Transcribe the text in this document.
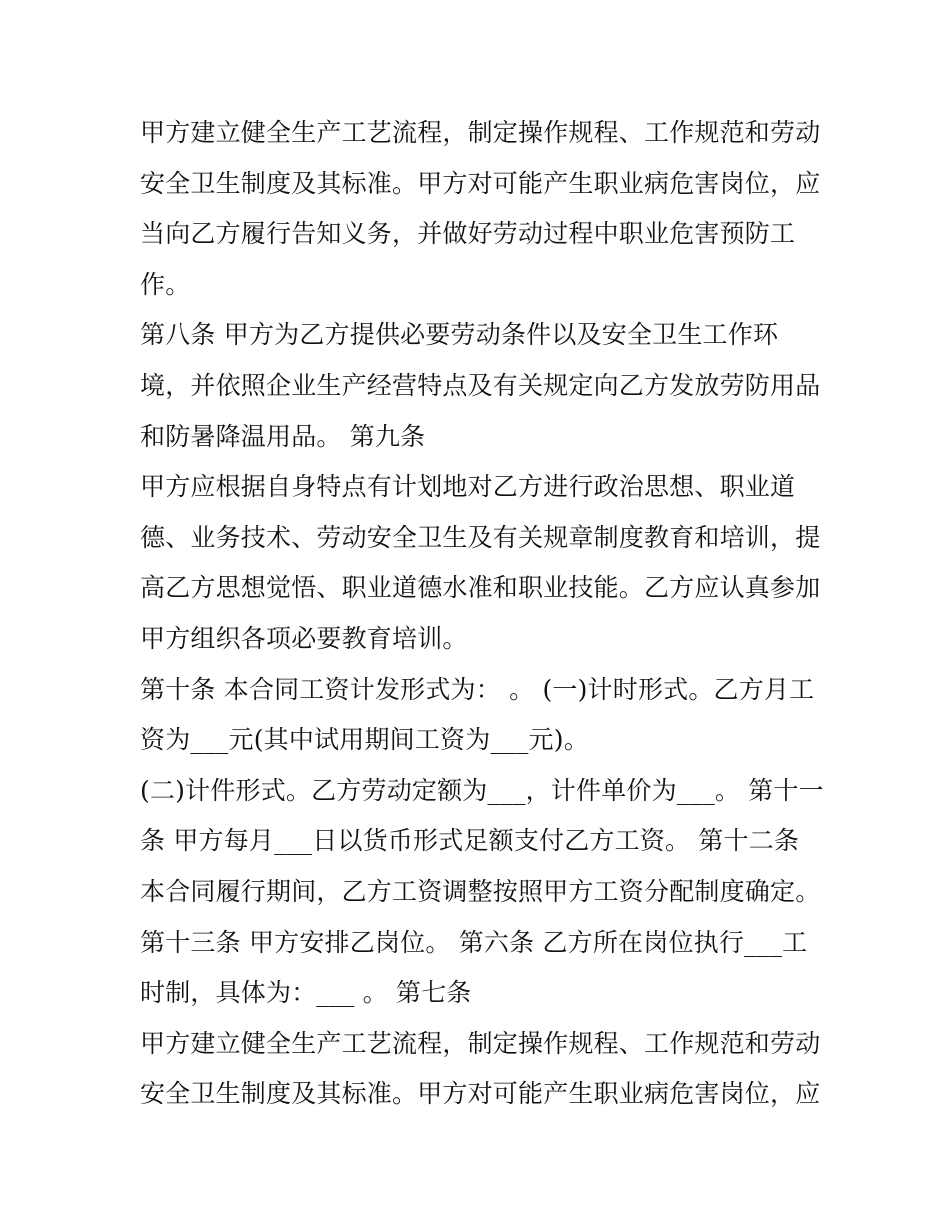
甲方建立健全生产工艺流程，制定操作规程、工作规范和劳动
安全卫生制度及其标准。甲方对可能产生职业病危害岗位，应
当向乙方履行告知义务，并做好劳动过程中职业危害预防工
作。
第八条 甲方为乙方提供必要劳动条件以及安全卫生工作环
境，并依照企业生产经营特点及有关规定向乙方发放劳防用品
和防暑降温用品。 第九条
甲方应根据自身特点有计划地对乙方进行政治思想、职业道
德、业务技术、劳动安全卫生及有关规章制度教育和培训，提
高乙方思想觉悟、职业道德水准和职业技能。乙方应认真参加
甲方组织各项必要教育培训。
第十条 本合同工资计发形式为： 。 (一)计时形式。乙方月工
资为___元(其中试用期间工资为___元)。
(二)计件形式。乙方劳动定额为___，计件单价为___。 第十一
条 甲方每月___日以货币形式足额支付乙方工资。 第十二条
本合同履行期间，乙方工资调整按照甲方工资分配制度确定。
第十三条 甲方安排乙岗位。 第六条 乙方所在岗位执行___工
时制，具体为：___ 。 第七条
甲方建立健全生产工艺流程，制定操作规程、工作规范和劳动
安全卫生制度及其标准。甲方对可能产生职业病危害岗位，应
